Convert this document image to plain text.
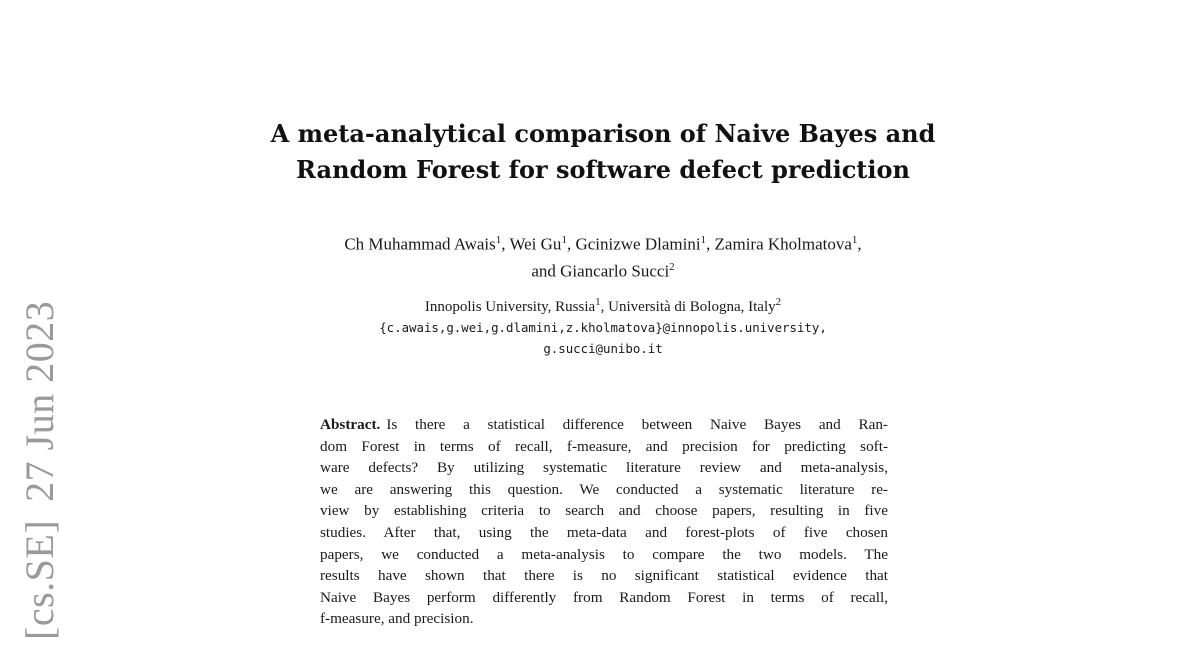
[cs.SE]27 Jun 2023
A meta-analytical comparison of Naive Bayes and
Random Forest for software defect prediction
Ch Muhammad Awais$^1$, Wei Gu$^1$, Gcinizwe Dlamini$^1$, Zamira Kholmatova$^1$,
and Giancarlo Succi$^2$
Innopolis University, Russia$^1$, Università di Bologna, Italy$^2$
{c.awais,g.wei,g.dlamini,z.kholmatova}@innopolis.university,
g.succi@unibo.it
Abstract. Is there a statistical difference between Naive Bayes and Ran-
dom Forest in terms of recall, f-measure, and precision for predicting soft-
ware defects? By utilizing systematic literature review and meta-analysis,
we are answering this question. We conducted a systematic literature re-
view by establishing criteria to search and choose papers, resulting in five
studies. After that, using the meta-data and forest-plots of five chosen
papers, we conducted a meta-analysis to compare the two models. The
results have shown that there is no significant statistical evidence that
Naive Bayes perform differently from Random Forest in terms of recall,
f-measure, and precision.
